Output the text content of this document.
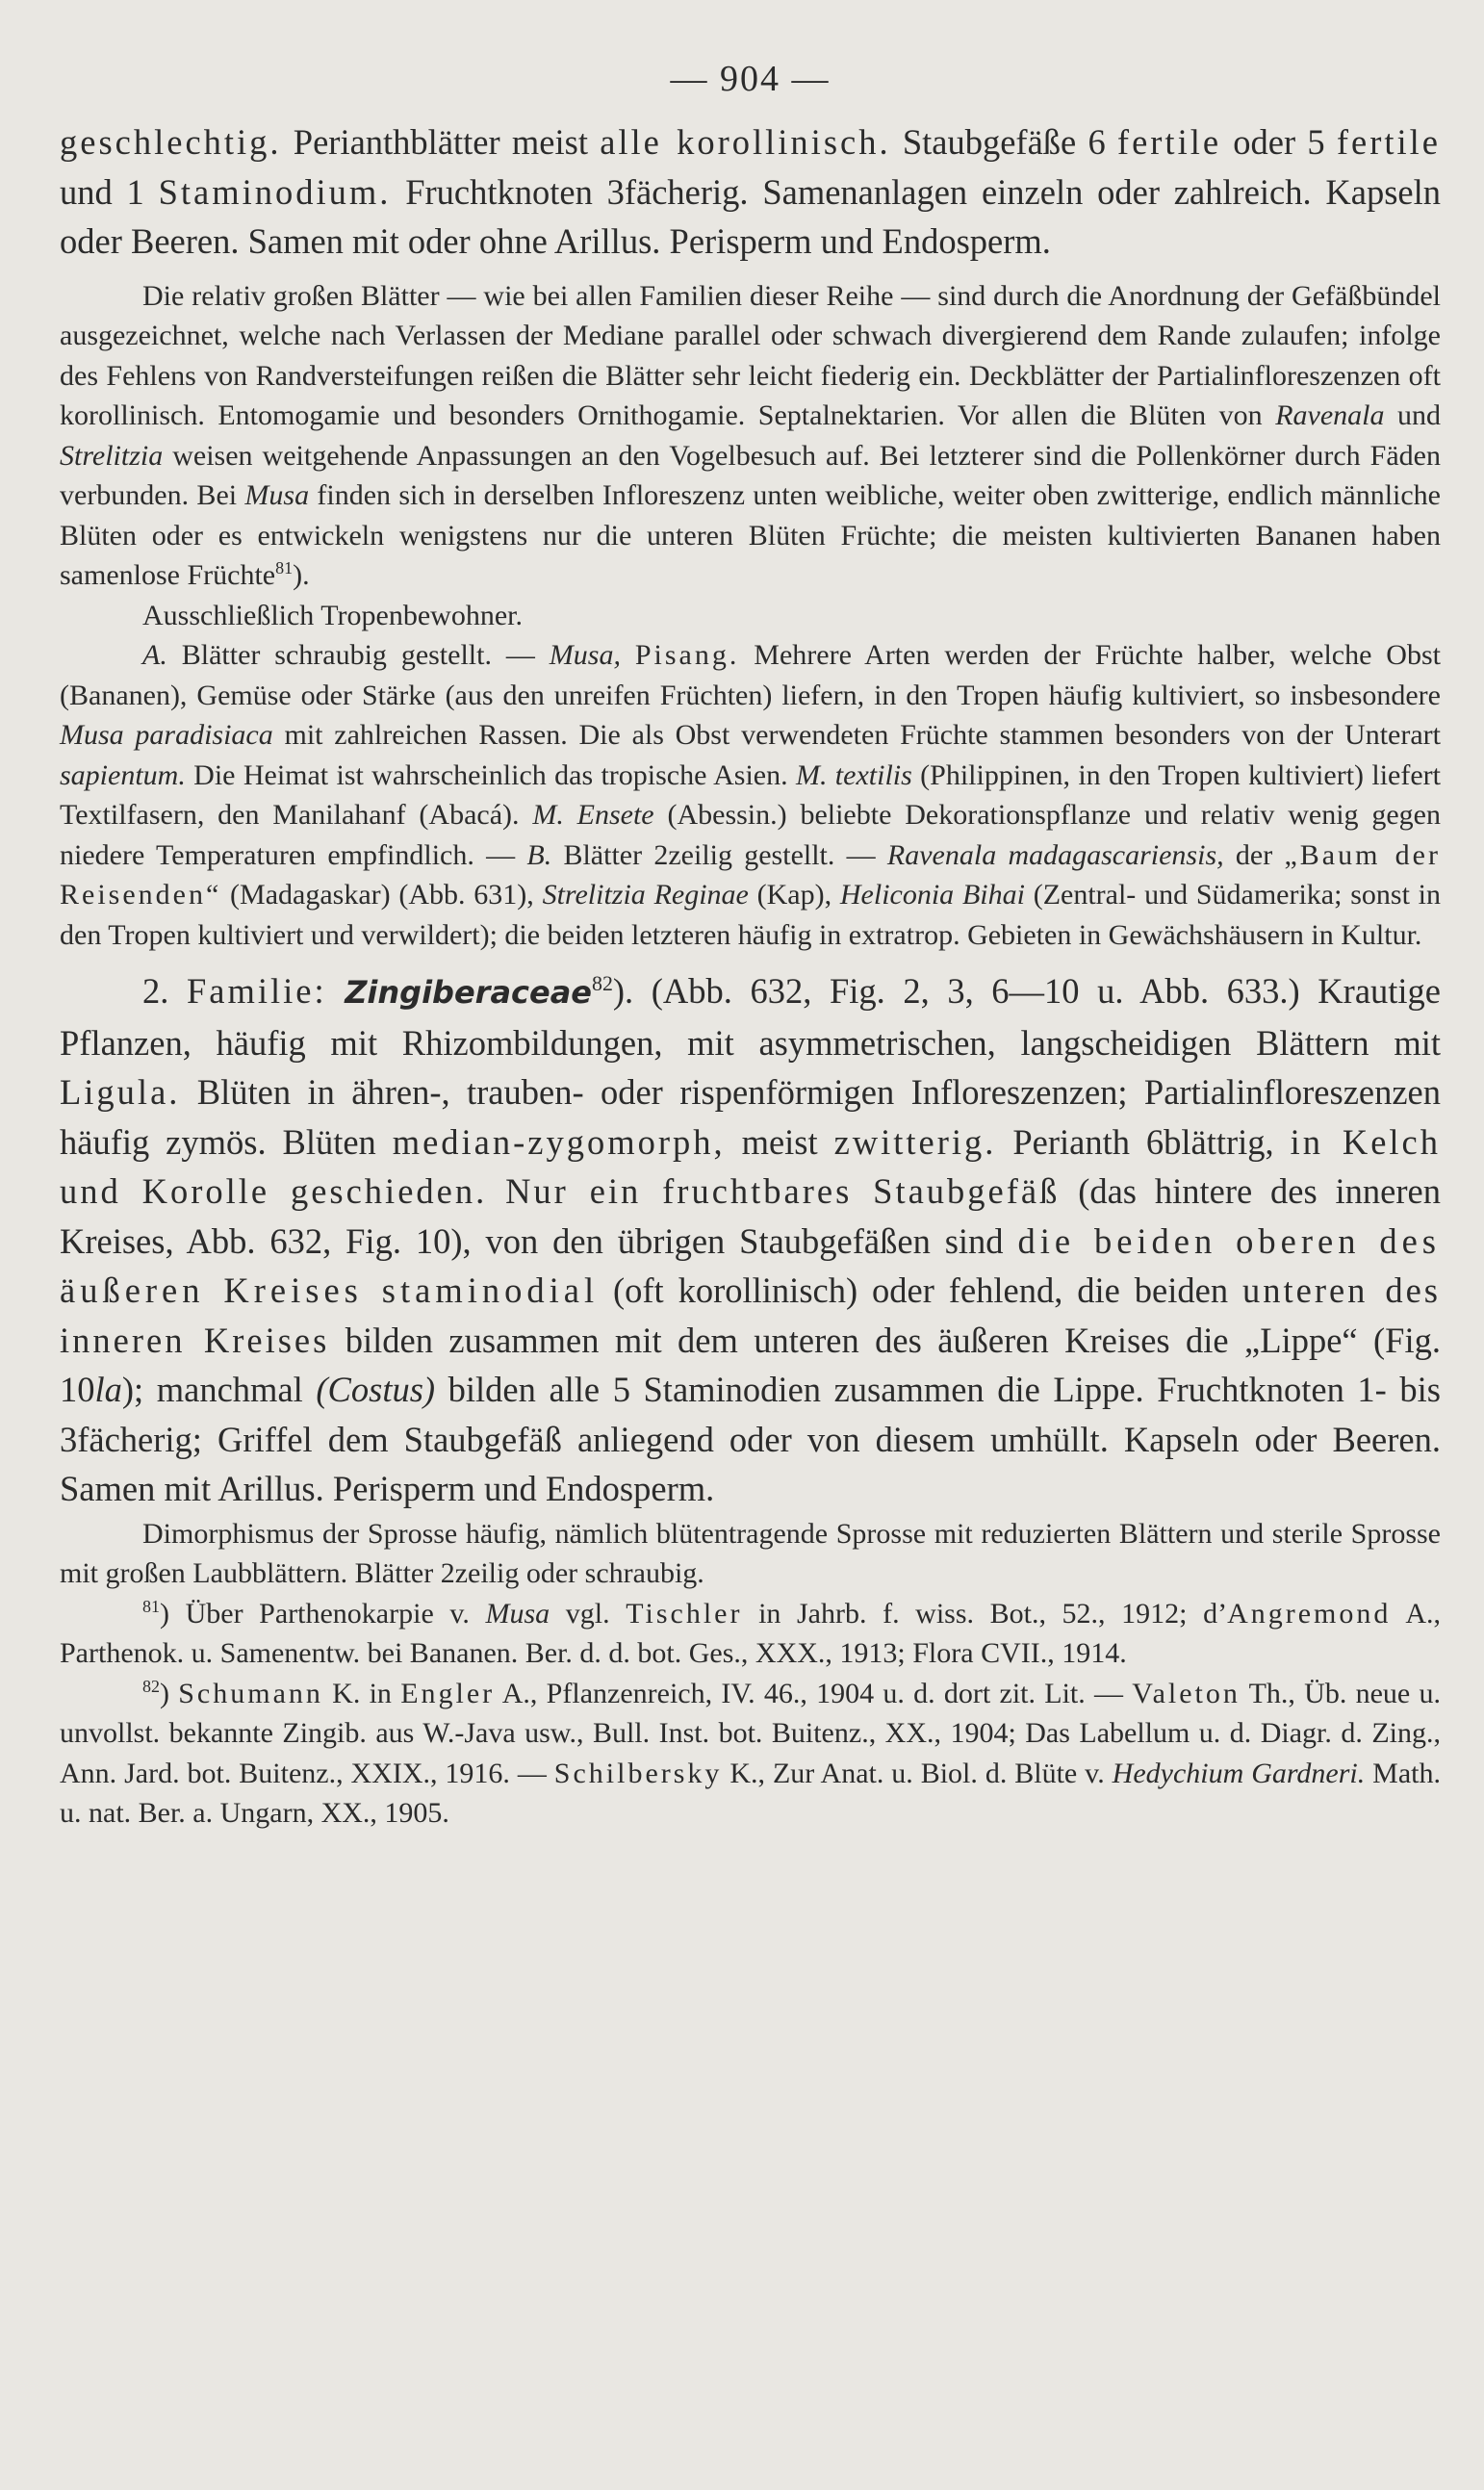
— 904 —

geschlechtig. Perianthblätter meist alle korollinisch. Staubgefäße 6 fertile oder 5 fertile und 1 Staminodium. Fruchtknoten 3fächerig. Samenanlagen einzeln oder zahlreich. Kapseln oder Beeren. Samen mit oder ohne Arillus. Perisperm und Endosperm.

Die relativ großen Blätter — wie bei allen Familien dieser Reihe — sind durch die Anordnung der Gefäßbündel ausgezeichnet, welche nach Verlassen der Mediane parallel oder schwach divergierend dem Rande zulaufen; infolge des Fehlens von Randversteifungen reißen die Blätter sehr leicht fiederig ein. Deckblätter der Partialinfloreszenzen oft korollinisch. Entomogamie und besonders Ornithogamie. Septalnektarien. Vor allen die Blüten von Ravenala und Strelitzia weisen weitgehende Anpassungen an den Vogelbesuch auf. Bei letzterer sind die Pollenkörner durch Fäden verbunden. Bei Musa finden sich in derselben Infloreszenz unten weibliche, weiter oben zwitterige, endlich männliche Blüten oder es entwickeln wenigstens nur die unteren Blüten Früchte; die meisten kultivierten Bananen haben samenlose Früchte$^{81}$).

Ausschließlich Tropenbewohner.

A. Blätter schraubig gestellt. — Musa, Pisang. Mehrere Arten werden der Früchte halber, welche Obst (Bananen), Gemüse oder Stärke (aus den unreifen Früchten) liefern, in den Tropen häufig kultiviert, so insbesondere Musa paradisiaca mit zahlreichen Rassen. Die als Obst verwendeten Früchte stammen besonders von der Unterart sapientum. Die Heimat ist wahrscheinlich das tropische Asien. M. textilis (Philippinen, in den Tropen kultiviert) liefert Textilfasern, den Manilahanf (Abacá). M. Ensete (Abessin.) beliebte Dekorationspflanze und relativ wenig gegen niedere Temperaturen empfindlich. — B. Blätter 2zeilig gestellt. — Ravenala madagascariensis, der „Baum der Reisenden“ (Madagaskar) (Abb. 631), Strelitzia Reginae (Kap), Heliconia Bihai (Zentral- und Südamerika; sonst in den Tropen kultiviert und verwildert); die beiden letzteren häufig in extratrop. Gebieten in Gewächshäusern in Kultur.

2. Familie: Zingiberaceae$^{82}$). (Abb. 632, Fig. 2, 3, 6—10 u. Abb. 633.) Krautige Pflanzen, häufig mit Rhizombildungen, mit asymmetrischen, langscheidigen Blättern mit Ligula. Blüten in ähren-, trauben- oder rispenförmigen Infloreszenzen; Partialinfloreszenzen häufig zymös. Blüten median-zygomorph, meist zwitterig. Perianth 6blättrig, in Kelch und Korolle geschieden. Nur ein fruchtbares Staubgefäß (das hintere des inneren Kreises, Abb. 632, Fig. 10), von den übrigen Staubgefäßen sind die beiden oberen des äußeren Kreises staminodial (oft korollinisch) oder fehlend, die beiden unteren des inneren Kreises bilden zusammen mit dem unteren des äußeren Kreises die „Lippe“ (Fig. 10la); manchmal (Costus) bilden alle 5 Staminodien zusammen die Lippe. Fruchtknoten 1- bis 3fächerig; Griffel dem Staubgefäß anliegend oder von diesem umhüllt. Kapseln oder Beeren. Samen mit Arillus. Perisperm und Endosperm.

Dimorphismus der Sprosse häufig, nämlich blütentragende Sprosse mit reduzierten Blättern und sterile Sprosse mit großen Laubblättern. Blätter 2zeilig oder schraubig.

$^{81}$) Über Parthenokarpie v. Musa vgl. Tischler in Jahrb. f. wiss. Bot., 52., 1912; d’Angremond A., Parthenok. u. Samenentw. bei Bananen. Ber. d. d. bot. Ges., XXX., 1913; Flora CVII., 1914.

$^{82}$) Schumann K. in Engler A., Pflanzenreich, IV. 46., 1904 u. d. dort zit. Lit. — Valeton Th., Üb. neue u. unvollst. bekannte Zingib. aus W.-Java usw., Bull. Inst. bot. Buitenz., XX., 1904; Das Labellum u. d. Diagr. d. Zing., Ann. Jard. bot. Buitenz., XXIX., 1916. — Schilbersky K., Zur Anat. u. Biol. d. Blüte v. Hedychium Gardneri. Math. u. nat. Ber. a. Ungarn, XX., 1905.
